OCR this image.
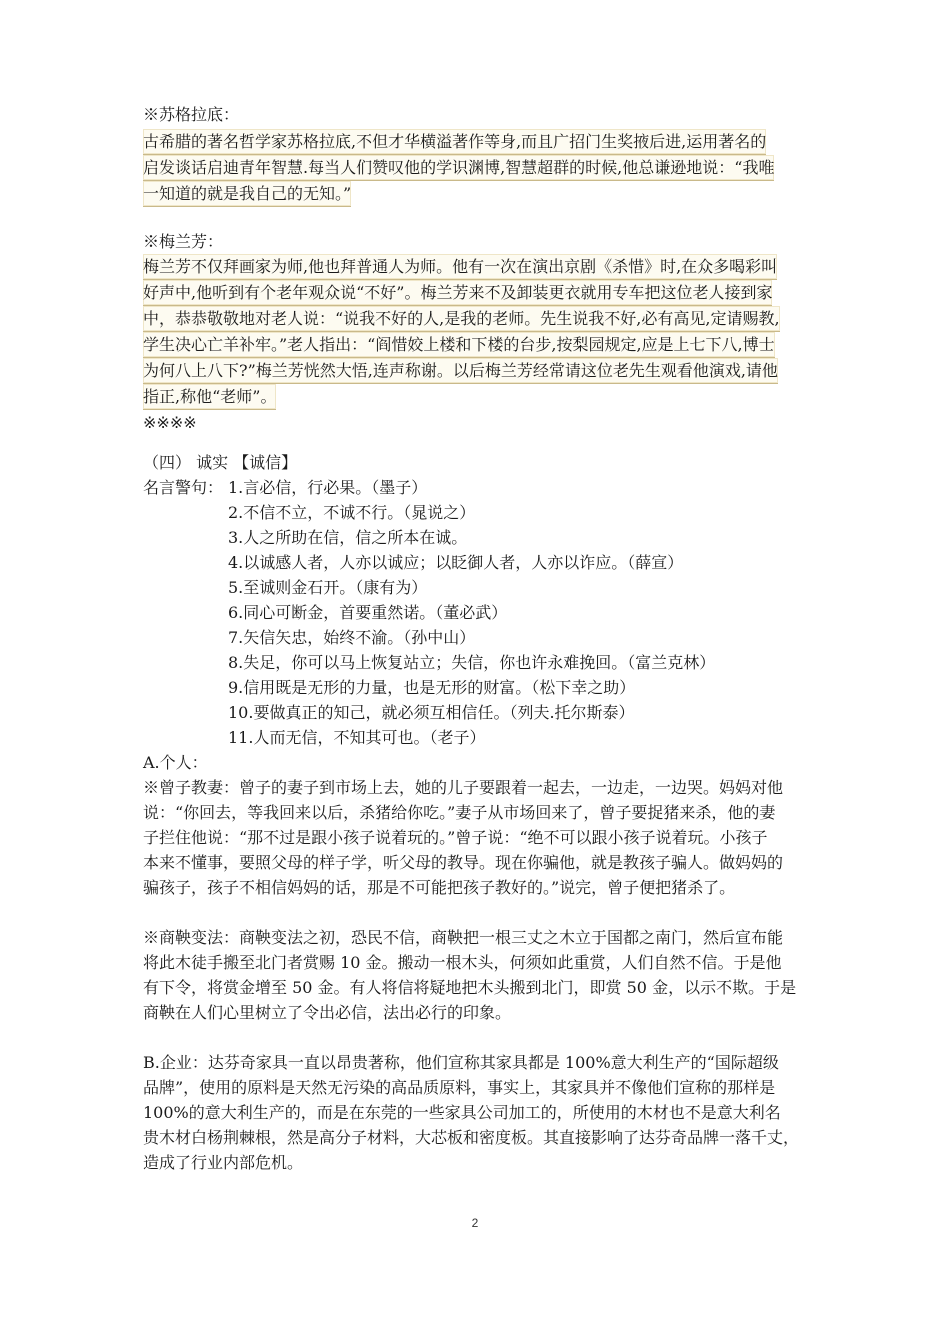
※苏格拉底：
古希腊的著名哲学家苏格拉底,不但才华横溢著作等身,而且广招门生奖掖后进,运用著名的 启发谈话启迪青年智慧.每当人们赞叹他的学识渊博,智慧超群的时候,他总谦逊地说：“我唯 一知道的就是我自己的无知。”
※梅兰芳：
梅兰芳不仅拜画家为师,他也拜普通人为师。他有一次在演出京剧《杀惜》时,在众多喝彩叫 好声中,他听到有个老年观众说“不好”。梅兰芳来不及卸装更衣就用专车把这位老人接到家 中，恭恭敬敬地对老人说：“说我不好的人,是我的老师。先生说我不好,必有高见,定请赐教, 学生决心亡羊补牢。”老人指出：“阎惜姣上楼和下楼的台步,按梨园规定,应是上七下八,博士 为何八上八下?”梅兰芳恍然大悟,连声称谢。以后梅兰芳经常请这位老先生观看他演戏,请他 指正,称他“老师”。
※※※※
（四） 诚实 【诚信】
名言警句： 1.言必信，行必果。（墨子）
2.不信不立，不诚不行。（晁说之）
3.人之所助在信，信之所本在诚。
4.以诚感人者，人亦以诚应；以眨御人者，人亦以诈应。（薛宣）
5.至诚则金石开。（康有为）
6.同心可断金，首要重然诺。（董必武）
7.矢信矢忠，始终不渝。（孙中山）
8.失足，你可以马上恢复站立；失信，你也许永难挽回。（富兰克林）
9.信用既是无形的力量，也是无形的财富。（松下幸之助）
10.要做真正的知己，就必须互相信任。（列夫.托尔斯泰）
11.人而无信，不知其可也。（老子）
A.个人：
※曾子教妻：曾子的妻子到市场上去，她的儿子要跟着一起去，一边走，一边哭。妈妈对他
说：“你回去，等我回来以后，杀猪给你吃。”妻子从市场回来了，曾子要捉猪来杀，他的妻
子拦住他说：“那不过是跟小孩子说着玩的。”曾子说：“绝不可以跟小孩子说着玩。小孩子
本来不懂事，要照父母的样子学，听父母的教导。现在你骗他，就是教孩子骗人。做妈妈的
骗孩子，孩子不相信妈妈的话，那是不可能把孩子教好的。”说完，曾子便把猪杀了。
※商鞅变法：商鞅变法之初，恐民不信，商鞅把一根三丈之木立于国都之南门，然后宣布能
将此木徒手搬至北门者赏赐 10 金。搬动一根木头，何须如此重赏，人们自然不信。于是他
有下令，将赏金增至 50 金。有人将信将疑地把木头搬到北门，即赏 50 金，以示不欺。于是
商鞅在人们心里树立了令出必信，法出必行的印象。
B.企业：达芬奇家具一直以昂贵著称，他们宣称其家具都是 100%意大利生产的“国际超级
品牌”，使用的原料是天然无污染的高品质原料，事实上，其家具并不像他们宣称的那样是
100%的意大利生产的，而是在东莞的一些家具公司加工的，所使用的木材也不是意大利名
贵木材白杨荆棘根，然是高分子材料，大芯板和密度板。其直接影响了达芬奇品牌一落千丈，
造成了行业内部危机。
2
